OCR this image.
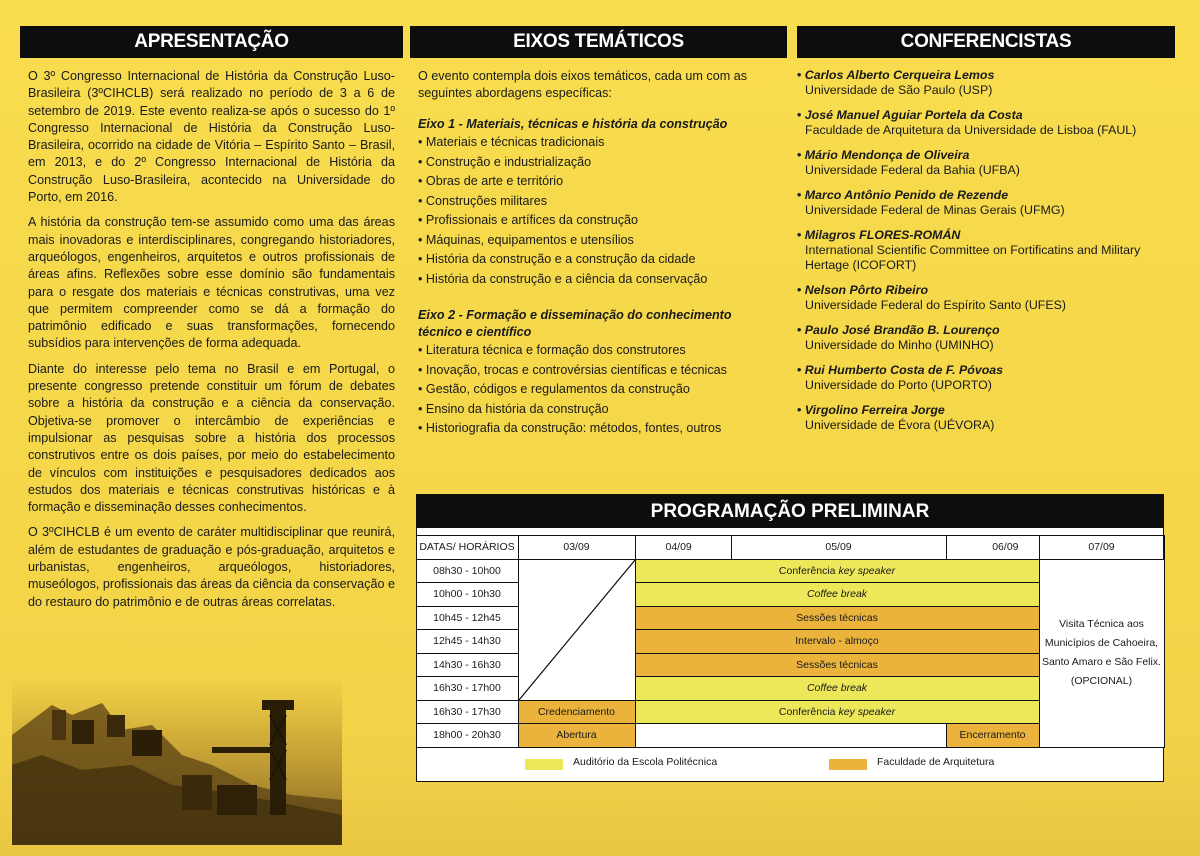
APRESENTAÇÃO

O 3º Congresso Internacional de História da Construção Luso-Brasileira (3ºCIHCLB) será realizado no período de 3 a 6 de setembro de 2019. Este evento realiza-se após o sucesso do 1º Congresso Internacional de História da Construção Luso-Brasileira, ocorrido na cidade de Vitória – Espírito Santo – Brasil, em 2013, e do 2º Congresso Internacional de História da Construção Luso-Brasileira, acontecido na Universidade do Porto, em 2016.

A história da construção tem-se assumido como uma das áreas mais inovadoras e interdisciplinares, congregando historiadores, arqueólogos, engenheiros, arquitetos e outros profissionais de áreas afins. Reflexões sobre esse domínio são fundamentais para o resgate dos materiais e técnicas construtivas, uma vez que permitem compreender como se dá a formação do patrimônio edificado e suas transformações, fornecendo subsídios para intervenções de forma adequada.

Diante do interesse pelo tema no Brasil e em Portugal, o presente congresso pretende constituir um fórum de debates sobre a história da construção e a ciência da conservação. Objetiva-se promover o intercâmbio de experiências e impulsionar as pesquisas sobre a história dos processos construtivos entre os dois países, por meio do estabelecimento de vínculos com instituições e pesquisadores dedicados aos estudos dos materiais e técnicas construtivas históricas e à formação e disseminação desses conhecimentos.

O 3ºCIHCLB é um evento de caráter multidisciplinar que reunirá, além de estudantes de graduação e pós-graduação, arquitetos e urbanistas, engenheiros, arqueólogos, historiadores, museólogos, profissionais das áreas da ciência da conservação e do restauro do patrimônio e de outras áreas correlatas.

EIXOS TEMÁTICOS
O evento contempla dois eixos temáticos, cada um com as seguintes abordagens específicas:
Eixo 1 - Materiais, técnicas e história da construção
• Materiais e técnicas tradicionais
• Construção e industrialização
• Obras de arte e território
• Construções militares
• Profissionais e artífices da construção
• Máquinas, equipamentos e utensílios
• História da construção e a construção da cidade
• História da construção e a ciência da conservação
Eixo 2 - Formação e disseminação do conhecimento técnico e científico
• Literatura técnica e formação dos construtores
• Inovação, trocas e controvérsias científicas e técnicas
• Gestão, códigos e regulamentos da construção
• Ensino da história da construção
• Historiografia da construção: métodos, fontes, outros
CONFERENCISTAS
• Carlos Alberto Cerqueira Lemos
Universidade de São Paulo (USP)
• José Manuel Aguiar Portela da Costa
Faculdade de Arquitetura da Universidade de Lisboa (FAUL)
• Mário Mendonça de Oliveira
Universidade Federal da Bahia (UFBA)
• Marco Antônio Penido de Rezende
Universidade Federal de Minas Gerais (UFMG)
• Milagros FLORES-ROMÁN
International Scientific Committee on Fortificatins and Military Hertage (ICOFORT)
• Nelson Pôrto Ribeiro
Universidade Federal do Espírito Santo (UFES)
• Paulo José Brandão B. Lourenço
Universidade do Minho (UMINHO)
• Rui Humberto Costa de F. Póvoas
Universidade do Porto (UPORTO)
• Virgolino Ferreira Jorge
Universidade de Évora (UÉVORA)
PROGRAMAÇÃO PRELIMINAR
DATAS/ HORÁRIOS	03/09	04/09	05/09	06/09	07/09
08h30 - 10h00		Conferência key speaker			Visita Técnica aos Municípios de Cahoeira, Santo Amaro e São Felix. (OPCIONAL)
10h00 - 10h30		Coffee break			
10h45 - 12h45		Sessões técnicas			
12h45 - 14h30		Intervalo - almoço			
14h30 - 16h30		Sessões técnicas			
16h30 - 17h00		Coffee break			
16h30 - 17h30	Credenciamento	Conferência key speaker			
18h00 - 20h30	Abertura			Encerramento	
Auditório da Escola Politécnica	Faculdade de Arquitetura
